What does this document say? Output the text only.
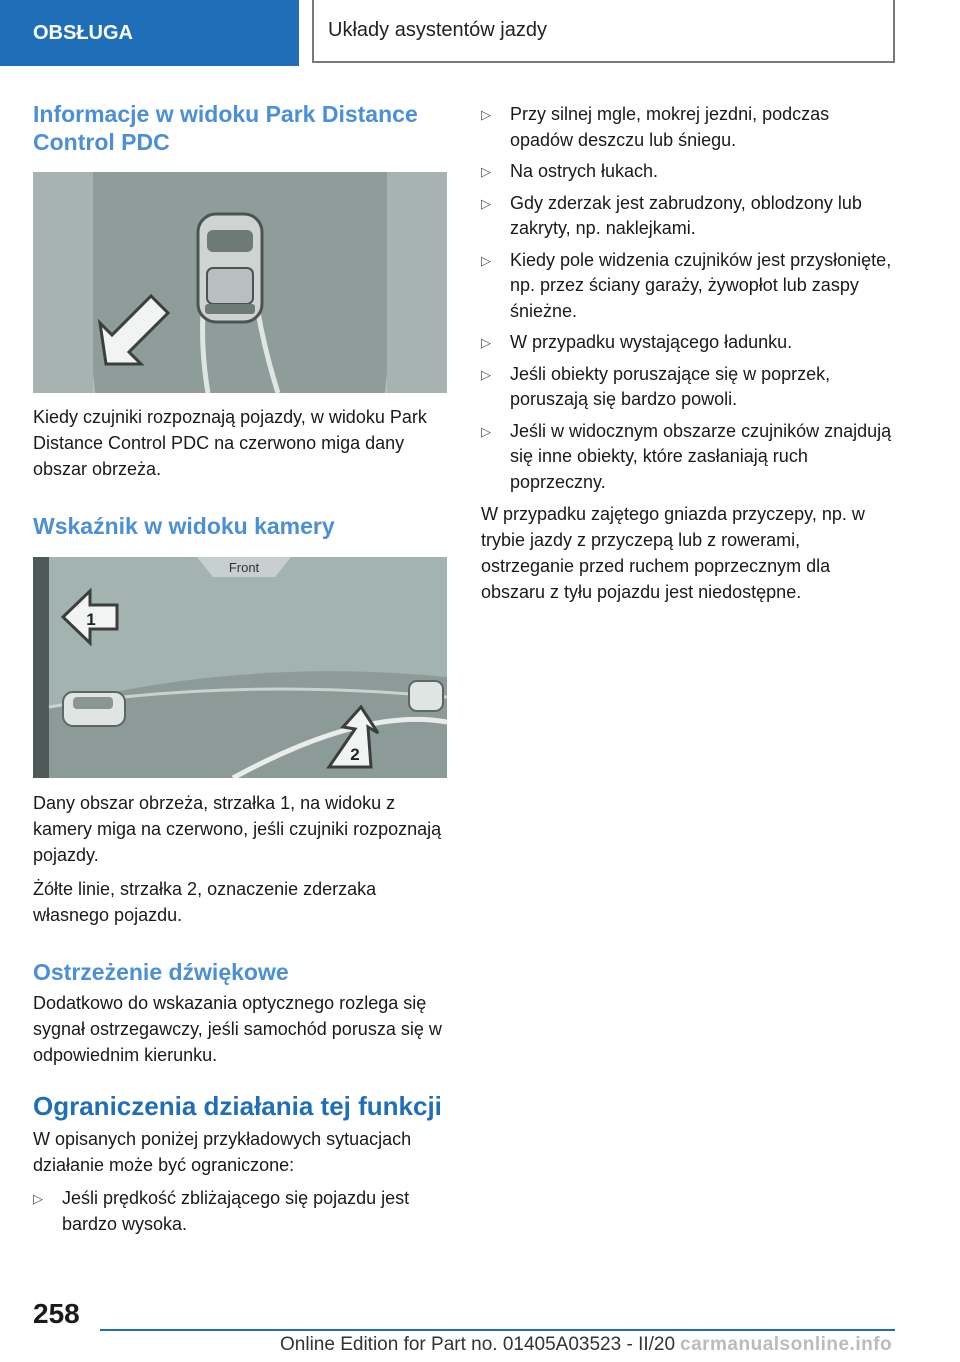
OBSŁUGA	Układy asystentów jazdy
Informacje w widoku Park Distance Control PDC

Kiedy czujniki rozpoznają pojazdy, w widoku Park Distance Control PDC na czerwono miga dany obszar obrzeża.

Wskaźnik w widoku kamery
Front
1
2

Dany obszar obrzeża, strzałka 1, na widoku z kamery miga na czerwono, jeśli czujniki rozpoznają pojazdy.

Żółte linie, strzałka 2, oznaczenie zderzaka własnego pojazdu.

Ostrzeżenie dźwiękowe

Dodatkowo do wskazania optycznego rozlega się sygnał ostrzegawczy, jeśli samochód porusza się w odpowiednim kierunku.

Ograniczenia działania tej funkcji

W opisanych poniżej przykładowych sytuacjach działanie może być ograniczone:

▷ Jeśli prędkość zbliżającego się pojazdu jest bardzo wysoka.
▷ Przy silnej mgle, mokrej jezdni, podczas opadów deszczu lub śniegu.
▷ Na ostrych łukach.
▷ Gdy zderzak jest zabrudzony, oblodzony lub zakryty, np. naklejkami.
▷ Kiedy pole widzenia czujników jest przysłonięte, np. przez ściany garaży, żywopłot lub zaspy śnieżne.
▷ W przypadku wystającego ładunku.
▷ Jeśli obiekty poruszające się w poprzek, poruszają się bardzo powoli.
▷ Jeśli w widocznym obszarze czujników znajdują się inne obiekty, które zasłaniają ruch poprzeczny.

W przypadku zajętego gniazda przyczepy, np. w trybie jazdy z przyczepą lub z rowerami, ostrzeganie przed ruchem poprzecznym dla obszaru z tyłu pojazdu jest niedostępne.

258
Online Edition for Part no. 01405A03523 - II/20 carmanualsonline.info
